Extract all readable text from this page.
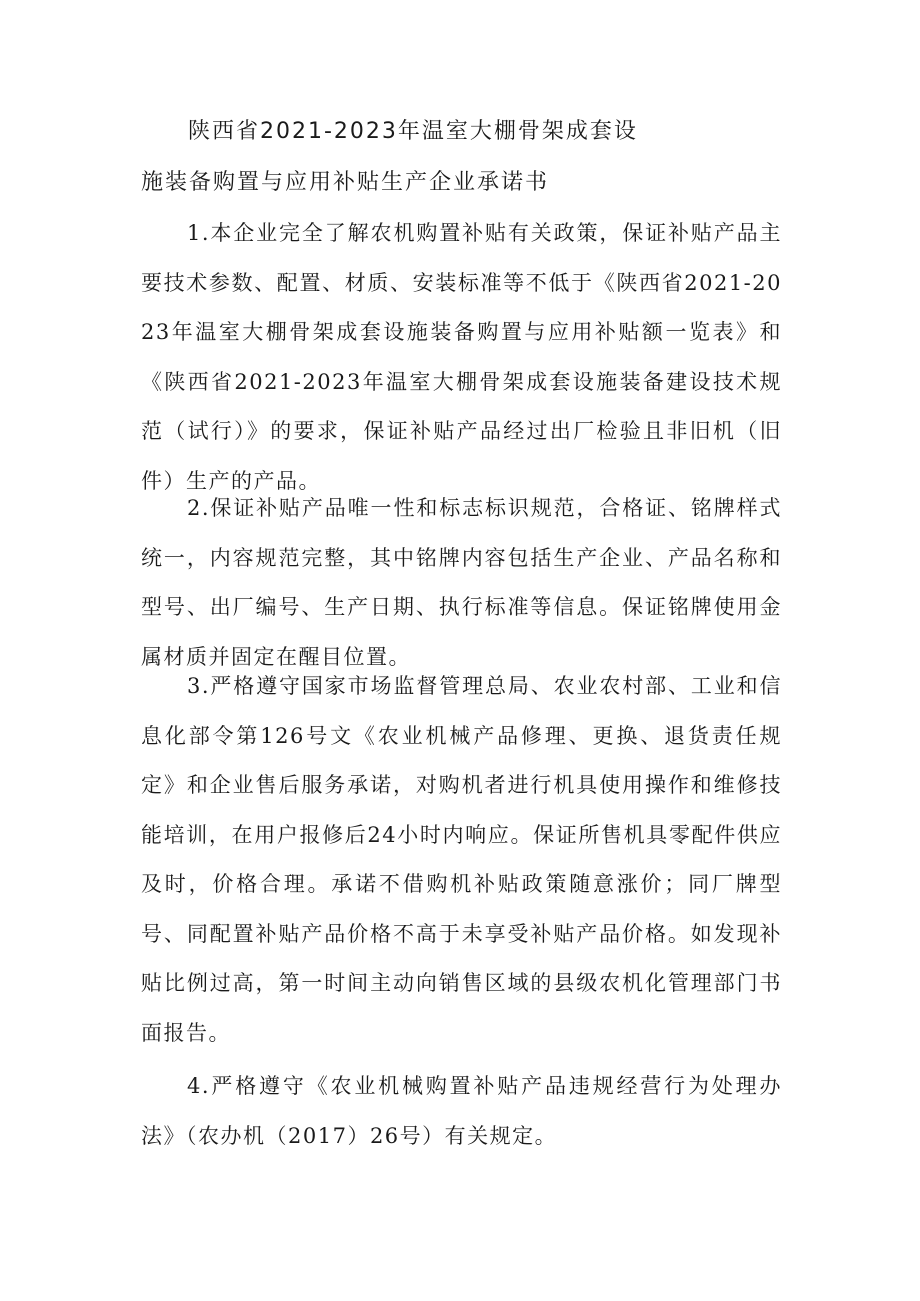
陕西省2021-2023年温室大棚骨架成套设
施装备购置与应用补贴生产企业承诺书

1.本企业完全了解农机购置补贴有关政策，保证补贴产品主要技术参数、配置、材质、安装标准等不低于《陕西省2021-2023年温室大棚骨架成套设施装备购置与应用补贴额一览表》和《陕西省2021-2023年温室大棚骨架成套设施装备建设技术规范（试行）》的要求，保证补贴产品经过出厂检验且非旧机（旧件）生产的产品。

2.保证补贴产品唯一性和标志标识规范，合格证、铭牌样式统一，内容规范完整，其中铭牌内容包括生产企业、产品名称和型号、出厂编号、生产日期、执行标准等信息。保证铭牌使用金属材质并固定在醒目位置。

3.严格遵守国家市场监督管理总局、农业农村部、工业和信息化部令第126号文《农业机械产品修理、更换、退货责任规定》和企业售后服务承诺，对购机者进行机具使用操作和维修技能培训，在用户报修后24小时内响应。保证所售机具零配件供应及时，价格合理。承诺不借购机补贴政策随意涨价；同厂牌型号、同配置补贴产品价格不高于未享受补贴产品价格。如发现补贴比例过高，第一时间主动向销售区域的县级农机化管理部门书面报告。

4.严格遵守《农业机械购置补贴产品违规经营行为处理办法》（农办机（2017）26号）有关规定。
